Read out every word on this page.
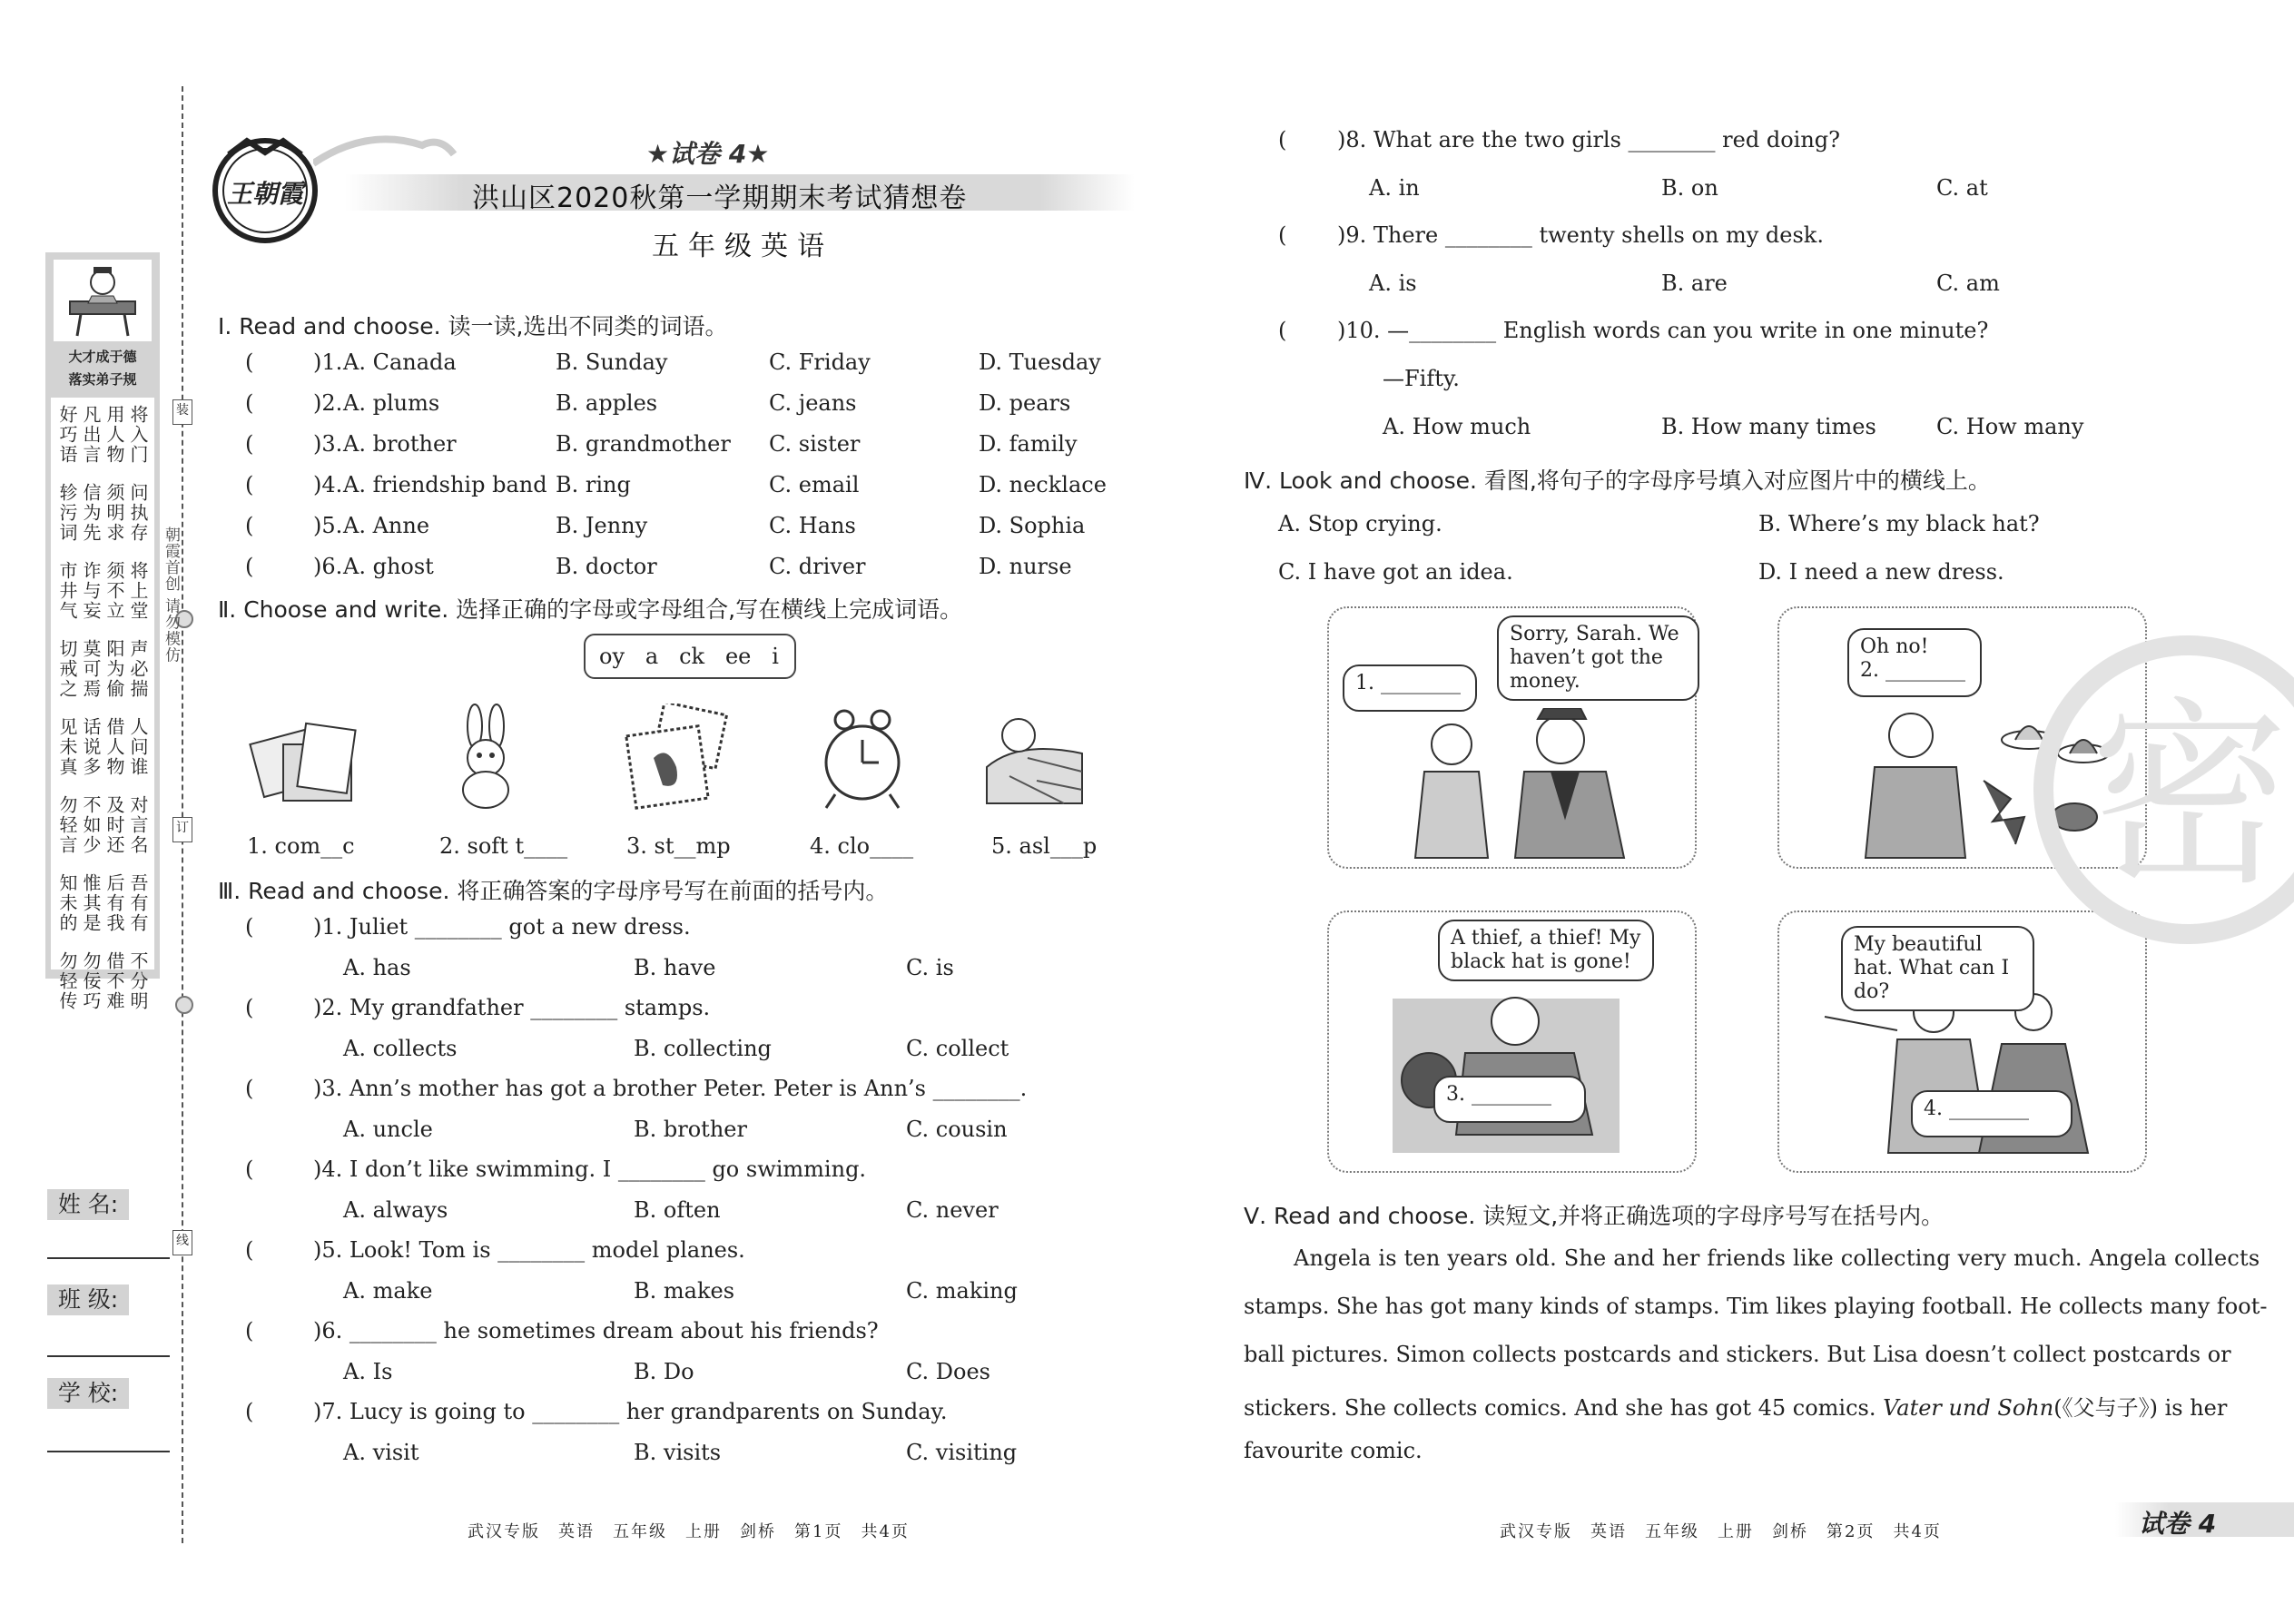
装
订
线
朝霞首创 请勿模仿
大才成于德
落实弟子规
好巧语 凡出言 用人物 将入门
轸污词 信为先 须明求 问执存
市井气 诈与妄 须不立 将上堂
切戒之 莫可焉 阳为偷 声必揣
见未真 话说多 借人物 人问谁
勿轻言 不如少 及时还 对言名
知未的 惟其是 后有我 吾有有
勿轻传 勿佞巧 借不难 不分明
姓 名:
班 级:
学 校:
王朝霞
★试卷 4★
洪山区2020秋第一学期期末考试猜想卷
五年级英语
Ⅰ. Read and choose. 读一读,选出不同类的词语。
(	)1. A. Canada	B. Sunday	C. Friday	D. Tuesday
(	)2. A. plums	B. apples	C. jeans	D. pears
(	)3. A. brother	B. grandmother C. sister	D. family
(	)4. A. friendship band B. ring	C. email	D. necklace
(	)5. A. Anne	B. Jenny	C. Hans	D. Sophia
(	)6. A. ghost	B. doctor	C. driver	D. nurse
Ⅱ. Choose and write. 选择正确的字母或字母组合,写在横线上完成词语。
oy   a   ck   ee   i
1. com__c	2. soft t____	3. st__mp	4. clo____	5. asl___p
Ⅲ. Read and choose. 将正确答案的字母序号写在前面的括号内。
(	)1. Juliet ________ got a new dress.
A. has	B. have	C. is
(	)2. My grandfather ________ stamps.
A. collects	B. collecting	C. collect
(	)3. Ann’s mother has got a brother Peter. Peter is Ann’s ________.
A. uncle	B. brother	C. cousin
(	)4. I don’t like swimming. I ________ go swimming.
A. always	B. often	C. never
(	)5. Look! Tom is ________ model planes.
A. make	B. makes	C. making
(	)6. ________ he sometimes dream about his friends?
A. Is	B. Do	C. Does
(	)7. Lucy is going to ________ her grandparents on Sunday.
A. visit	B. visits	C. visiting
( )8. What are the two girls ________ red doing?
A. in	B. on	C. at
( )9. There ________ twenty shells on my desk.
A. is	B. are	C. am
( )10. —________ English words can you write in one minute?
—Fifty.
A. How much	B. How many times	C. How many
Ⅳ. Look and choose. 看图,将句子的字母序号填入对应图片中的横线上。
A. Stop crying.	B. Where’s my black hat?
C. I have got an idea.	D. I need a new dress.
Sorry, Sarah. We haven’t got the money.
1. ________
Oh no!
2. ________
A thief, a thief! My black hat is gone!
3. ________
My beautiful hat. What can I do?
4. ________
密
Ⅴ. Read and choose. 读短文,并将正确选项的字母序号写在括号内。
Angela is ten years old. She and her friends like collecting very much. Angela collects
stamps. She has got many kinds of stamps. Tim likes playing football. He collects many foot-
ball pictures. Simon collects postcards and stickers. But Lisa doesn’t collect postcards or
stickers. She collects comics. And she has got 45 comics. Vater und Sohn(《父与子》) is her
favourite comic.
武汉专版　英语　五年级　上册　剑桥　第1页　共4页	武汉专版　英语　五年级　上册　剑桥　第2页　共4页	试卷 4
